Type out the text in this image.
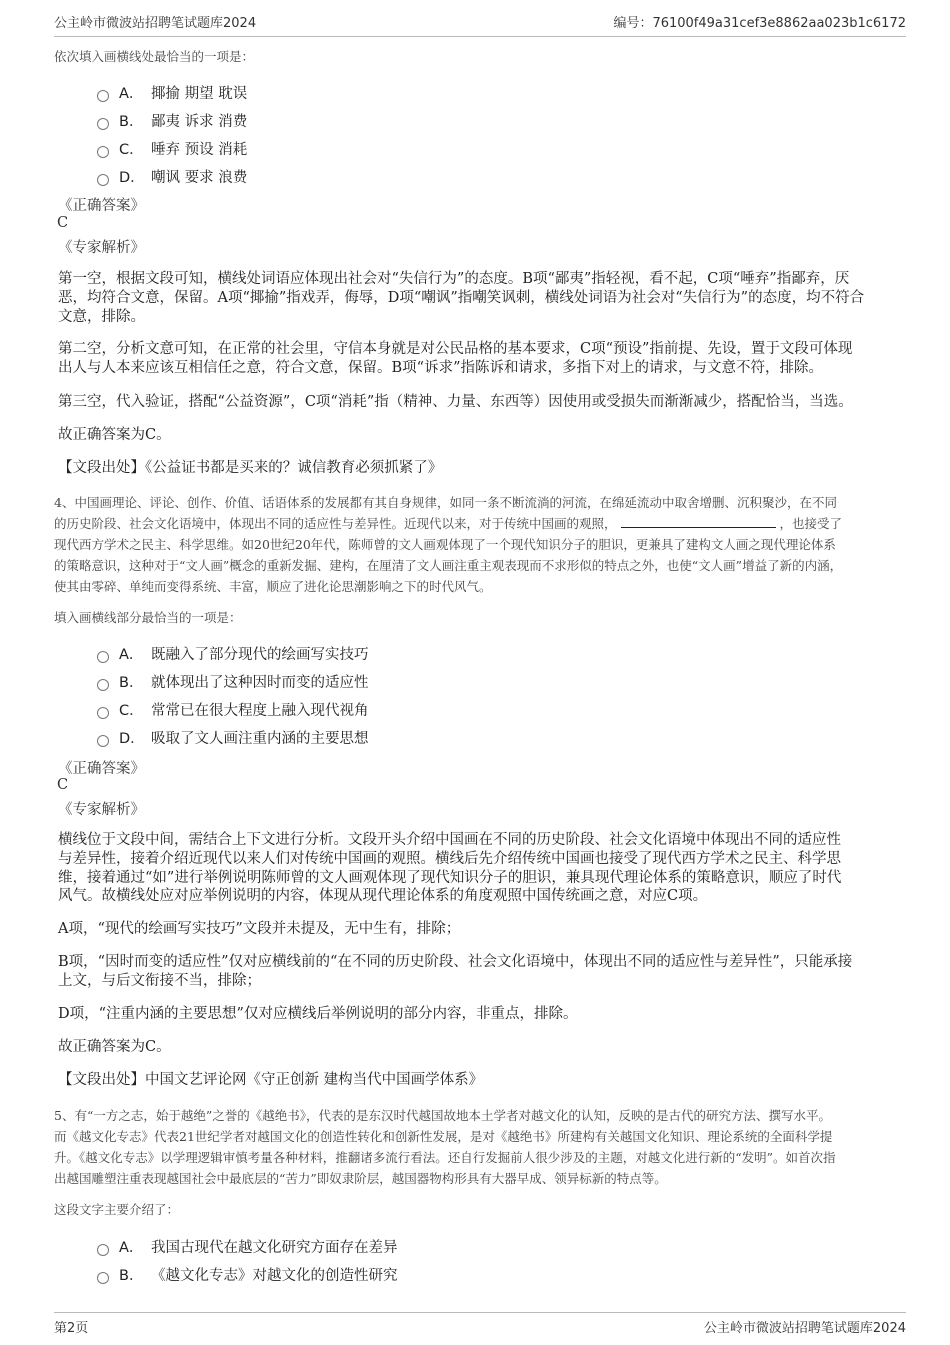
公主岭市微波站招聘笔试题库2024	编号：76100f49a31cef3e8862aa023b1c6172
依次填入画横线处最恰当的一项是：
A． 揶揄 期望 耽误
B． 鄙夷 诉求 消费
C． 唾弃 预设 消耗
D． 嘲讽 要求 浪费
《正确答案》
C
《专家解析》
第一空，根据文段可知，横线处词语应体现出社会对“失信行为”的态度。B项“鄙夷”指轻视，看不起，C项“唾弃”指鄙弃，厌
恶，均符合文意，保留。A项“揶揄”指戏弄，侮辱，D项“嘲讽”指嘲笑讽刺，横线处词语为社会对“失信行为”的态度，均不符合
文意，排除。
第二空，分析文意可知，在正常的社会里，守信本身就是对公民品格的基本要求，C项“预设”指前提、先设，置于文段可体现
出人与人本来应该互相信任之意，符合文意，保留。B项“诉求”指陈诉和请求，多指下对上的请求，与文意不符，排除。
第三空，代入验证，搭配“公益资源”，C项“消耗”指（精神、力量、东西等）因使用或受损失而渐渐减少，搭配恰当，当选。
故正确答案为C。
【文段出处】《公益证书都是买来的？诚信教育必须抓紧了》
4、中国画理论、评论、创作、价值、话语体系的发展都有其自身规律，如同一条不断流淌的河流，在绵延流动中取舍增删、沉积聚沙，在不同
的历史阶段、社会文化语境中，体现出不同的适应性与差异性。近现代以来，对于传统中国画的观照，	，也接受了
现代西方学术之民主、科学思维。如20世纪20年代，陈师曾的文人画观体现了一个现代知识分子的胆识，更兼具了建构文人画之现代理论体系
的策略意识，这种对于“文人画”概念的重新发掘、建构，在厘清了文人画注重主观表现而不求形似的特点之外，也使“文人画”增益了新的内涵，
使其由零碎、单纯而变得系统、丰富，顺应了进化论思潮影响之下的时代风气。
填入画横线部分最恰当的一项是：
A． 既融入了部分现代的绘画写实技巧
B． 就体现出了这种因时而变的适应性
C． 常常已在很大程度上融入现代视角
D． 吸取了文人画注重内涵的主要思想
《正确答案》
C
《专家解析》
横线位于文段中间，需结合上下文进行分析。文段开头介绍中国画在不同的历史阶段、社会文化语境中体现出不同的适应性
与差异性，接着介绍近现代以来人们对传统中国画的观照。横线后先介绍传统中国画也接受了现代西方学术之民主、科学思
维，接着通过“如”进行举例说明陈师曾的文人画观体现了现代知识分子的胆识，兼具现代理论体系的策略意识，顺应了时代
风气。故横线处应对应举例说明的内容，体现从现代理论体系的角度观照中国传统画之意，对应C项。
A项，“现代的绘画写实技巧”文段并未提及，无中生有，排除；
B项，“因时而变的适应性”仅对应横线前的“在不同的历史阶段、社会文化语境中，体现出不同的适应性与差异性”，只能承接
上文，与后文衔接不当，排除；
D项，“注重内涵的主要思想”仅对应横线后举例说明的部分内容，非重点，排除。
故正确答案为C。
【文段出处】中国文艺评论网《守正创新 建构当代中国画学体系》
5、有“一方之志，始于越绝”之誉的《越绝书》，代表的是东汉时代越国故地本土学者对越文化的认知，反映的是古代的研究方法、撰写水平。
而《越文化专志》代表21世纪学者对越国文化的创造性转化和创新性发展，是对《越绝书》所建构有关越国文化知识、理论系统的全面科学提
升。《越文化专志》以学理逻辑审慎考量各种材料，推翻诸多流行看法。还自行发掘前人很少涉及的主题，对越文化进行新的“发明”。如首次指
出越国雕塑注重表现越国社会中最底层的“苦力”即奴隶阶层，越国器物构形具有大器早成、领异标新的特点等。
这段文字主要介绍了：
A． 我国古现代在越文化研究方面存在差异
B． 《越文化专志》对越文化的创造性研究
第2页	公主岭市微波站招聘笔试题库2024
